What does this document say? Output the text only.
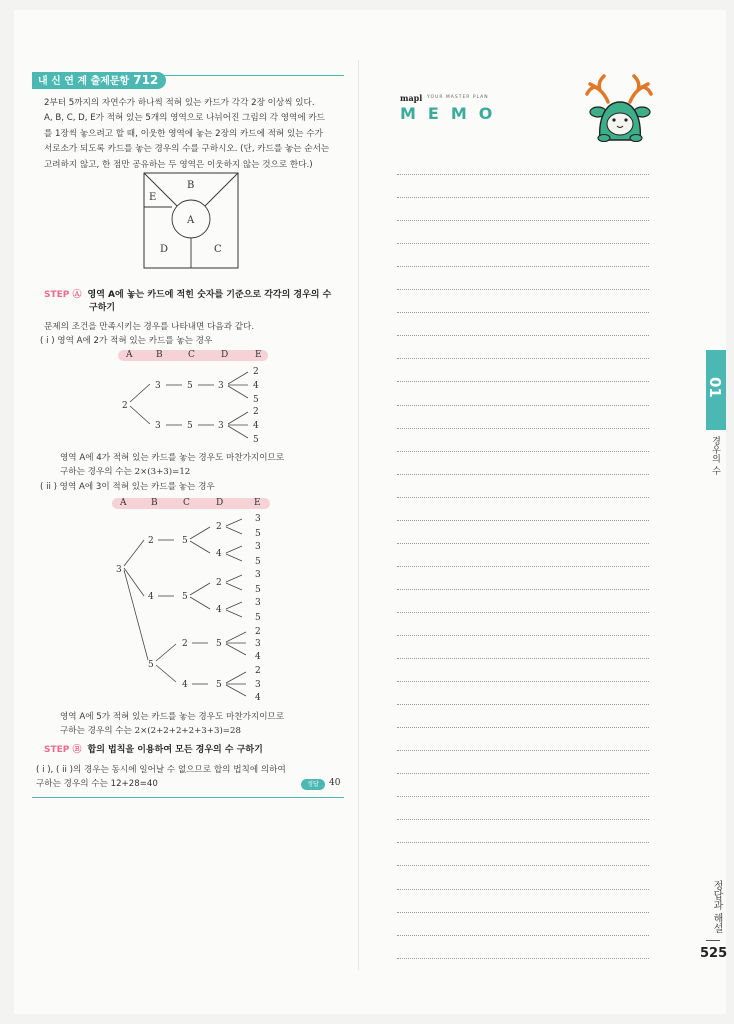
내 신 연 계 출제문항 712
2부터 5까지의 자연수가 하나씩 적혀 있는 카드가 각각 2장 이상씩 있다.
A, B, C, D, E가 적혀 있는 5개의 영역으로 나뉘어진 그림의 각 영역에 카드
를 1장씩 놓으려고 할 때, 이웃한 영역에 놓는 2장의 카드에 적혀 있는 수가
서로소가 되도록 카드를 놓는 경우의 수를 구하시오. (단, 카드를 놓는 순서는
고려하지 않고, 한 점만 공유하는 두 영역은 이웃하지 않는 것으로 한다.)
A
B
C
D
E
STEP Ⓐ 영역 A에 놓는 카드에 적힌 숫자를 기준으로 각각의 경우의 수
구하기
문제의 조건을 만족시키는 경우를 나타내면 다음과 같다.
( i ) 영역 A에 2가 적혀 있는 카드를 놓는 경우
A	B	C	D	E
2
3	5	3
2
4
5
3	5	3
2
4
5
영역 A에 4가 적혀 있는 카드를 놓는 경우도 마찬가지이므로
구하는 경우의 수는 2×(3+3)=12
( ii ) 영역 A에 3이 적혀 있는 카드를 놓는 경우
A	B	C	D	E
3
2	5
2
3
5
4
3
5
4	5
2
3
5
4
3
5
5
2	5
2
3
4
4	5
2
3
4
영역 A에 5가 적혀 있는 카드를 놓는 경우도 마찬가지이므로
구하는 경우의 수는 2×(2+2+2+2+3+3)=28
STEP Ⓑ 합의 법칙을 이용하여 모든 경우의 수 구하기
( i ), ( ii )의 경우는 동시에 일어날 수 없으므로 합의 법칙에 의하여
구하는 경우의 수는 12+28=40	정답	40
mapl YOUR MASTER PLAN
MEMO
01
경우의 수
정답과 해설
525
